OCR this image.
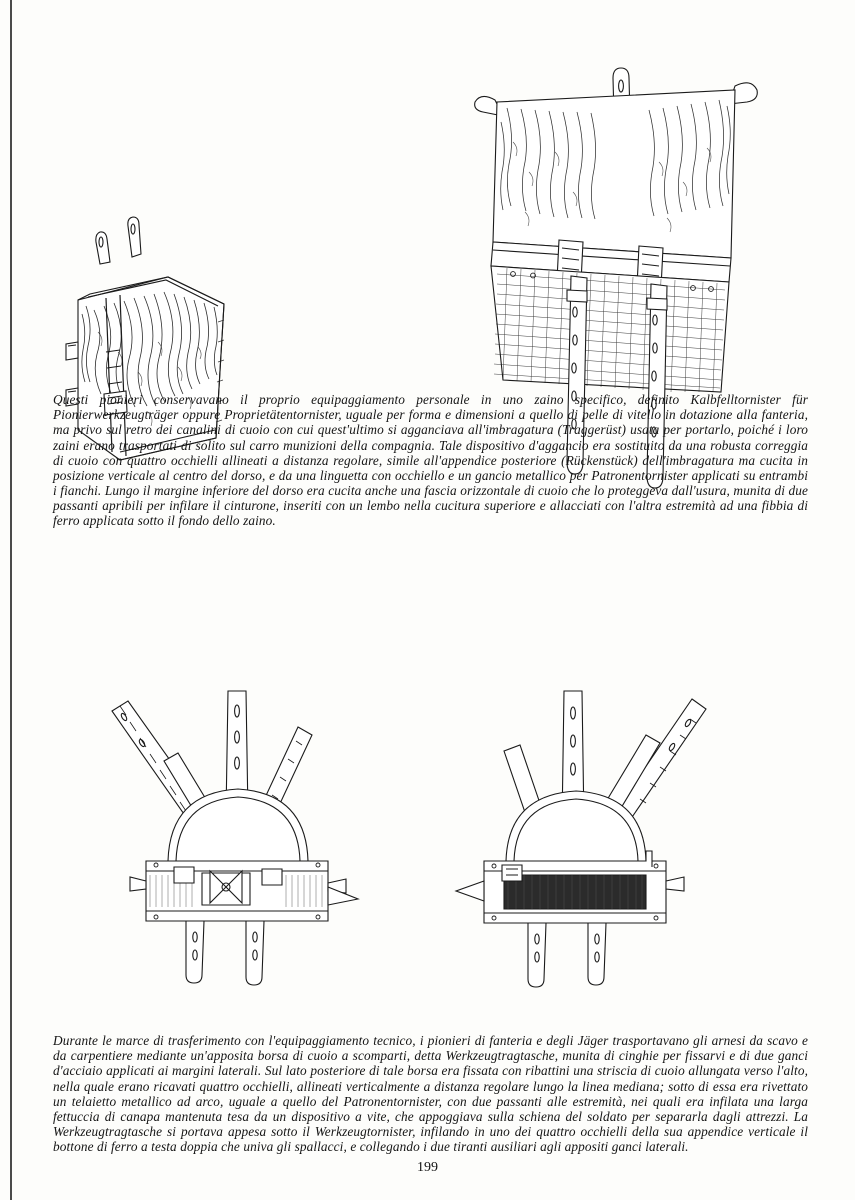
Questi pionieri conservavano il proprio equipaggiamento personale in uno zaino specifico, definito Kalbfelltornister für Pionierwerkzeugträger oppure Proprietätentornister, uguale per forma e dimensioni a quello di pelle di vitello in dotazione alla fanteria, ma privo sul retro dei canalini di cuoio con cui quest'ultimo si agganciava all'imbragatura (Traggerüst) usata per portarlo, poiché i loro zaini erano trasportati di solito sul carro munizioni della compagnia. Tale dispositivo d'aggancio era sostituito da una robusta correggia di cuoio con quattro occhielli allineati a distanza regolare, simile all'appendice posteriore (Rückenstück) dell'imbragatura ma cucita in posizione verticale al centro del dorso, e da una linguetta con occhiello e un gancio metallico per Patronentornister applicati su entrambi i fianchi. Lungo il margine inferiore del dorso era cucita anche una fascia orizzontale di cuoio che lo proteggeva dall'usura, munita di due passanti apribili per infilare il cinturone, inseriti con un lembo nella cucitura superiore e allacciati con l'altra estremità ad una fibbia di ferro applicata sotto il fondo dello zaino.

Durante le marce di trasferimento con l'equipaggiamento tecnico, i pionieri di fanteria e degli Jäger trasportavano gli arnesi da scavo e da carpentiere mediante un'apposita borsa di cuoio a scomparti, detta Werkzeugtragtasche, munita di cinghie per fissarvi e di due ganci d'acciaio applicati ai margini laterali. Sul lato posteriore di tale borsa era fissata con ribattini una striscia di cuoio allungata verso l'alto, nella quale erano ricavati quattro occhielli, allineati verticalmente a distanza regolare lungo la linea mediana; sotto di essa era rivettato un telaietto metallico ad arco, uguale a quello del Patronentornister, con due passanti alle estremità, nei quali era infilata una larga fettuccia di canapa mantenuta tesa da un dispositivo a vite, che appoggiava sulla schiena del soldato per separarla dagli attrezzi. La Werkzeugtragtasche si portava appesa sotto il Werkzeugtornister, infilando in uno dei quattro occhielli della sua appendice verticale il bottone di ferro a testa doppia che univa gli spallacci, e collegando i due tiranti ausiliari agli appositi ganci laterali.

199
